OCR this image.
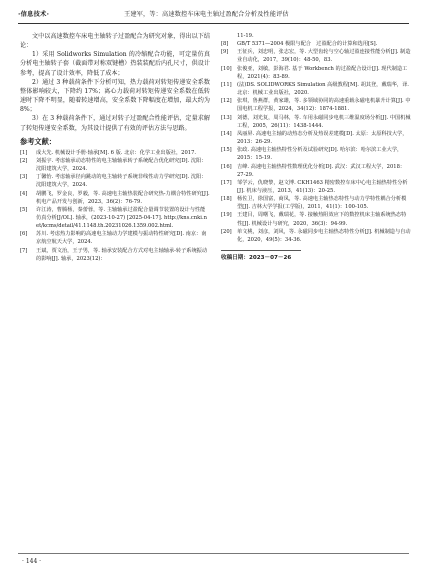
·信息技术·	王建军，等：高速数控车床电主轴过盈配合分析及性能评估

文中以高速数控车床电主轴转子过盈配合为研究对象，得出以下结论：

1）采用 Solidworks Simulation 的冷缩配合功能，可定量仿真分析电主轴转子套（截面带对称双键槽）热装装配后内孔尺寸，供设计参考，提高了设计效率，降低了成本；

2）通过 3 种载荷条件下分析可知，热力载荷对转矩传递安全系数整体影响较大，下降约 17%；离心力载荷对转矩传递安全系数在低转速时下降不明显，随着转速增高，安全系数下降幅度在增加，最大约为 8%；

3）在 3 种载荷条件下，通过对转子过盈配合性能评估，定量求解了转矩传递安全系数，为其设计提供了有效的评估方法与思路。

参考文献：

[1] 成大先. 机械设计手册·轴承[M]. 6 版. 北京：化学工业出版社，2017.

[2] 刘振宇. 考虑轴承动态特性的电主轴轴承转子系统配合优化研究[D]. 沈阳：沈阳建筑大学，2024.

[3] 丁馨怡. 考虑轴承径向跳动的电主轴转子系统非线性动力学研究[D]. 沈阳：沈阳建筑大学，2024.

[4] 胡鹏飞，罗金良，罗毅，等. 高速电主轴热装配合研究热-力耦合特性研究[J]. 机电产品开发与创新，2023，36(2)：76-79.

[5] 许江涛，曹腾杨，秦蕾蓉，等. 主轴轴承过盈配合量调节装置的设计与性能仿真分析[J/OL]. 轴承，(2023-10-27) [2025-04-17]. http://kns.cnki.net/kcms/detail/41.1148.th.20231026.1359.002.html.

[6] 苏川. 考虑热力影响的高速电主轴动力学建模与振动特性研究[D]. 南京：南京航空航天大学，2024.

[7] 王斌，贾文治，王子男，等. 轴承安装配合方式对电主轴轴承-转子系统振动的影响[J]. 轴承，2023(12)：

11-19.

[8] GB/T 5371—2004 极限与配合　过盈配合的计算和选用[S].

[9] 王征兵，刘忠明，张志宏，等. 大型齿轮与空心轴过盈连接性能分析[J]. 制造业自动化，2017，39(10)：48-50，83.

[10] 张俊亚，刘敏，彭海君. 基于 Workbench 的过盈配合设计[J]. 现代制造工程，2021(4)：83-89.

[11] (法)DS. SOLIDWORKS Simulation 高级教程[M]. 胡其登，戴瑞华，译. 北京：机械工业出版社，2020.

[12] 张琪，鲁燕群，黄家雄，等. 多领域协同的高速重载永磁电机暴升计算[J]. 中国电机工程学报，2024，34(12)：1874-1881.

[13] 刘德，刘光复，周马林，等. 车用永磁同步电机三维温度场分析[J]. 中国机械工程，2005，26(11)：1438-1444.

[14] 凤丽屏. 高速电主轴的动热态分析及热误差建模[D]. 太原：太原科技大学，2013：26-29.

[15] 张政. 高速电主轴热特性分析及试验研究[D]. 哈尔滨：哈尔滨工业大学，2015：15-19.

[16] 吉峰. 高速电主轴热特性数理优化分析[D]. 武汉：武汉工程大学，2018：27-29.

[17] 邹学云，仇晓黎，赵文博. CKH1463 精密数控车床中心电主轴热特性分析[J]. 机床与液压，2013，41(13)：20-25.

[18] 杨佐卫，徐国富，商凤，等. 高速电主轴热态特性与动力学特性耦合分析模型[J]. 吉林大学学报(工学版)，2011，41(1)：100-105.

[19] 王建目，周曙飞，戴瑞花，等. 接触热阻效应下的数控机床主轴系统热态特性[J]. 机械设计与研究，2020，36(3)：94-99.

[20] 单文桃，刘彦，刘风，等. 永磁同步电主轴热态特性分析[J]. 机械制造与自动化，2020，49(5)：34-36.

收稿日期：2023－07－26
· 144 ·
